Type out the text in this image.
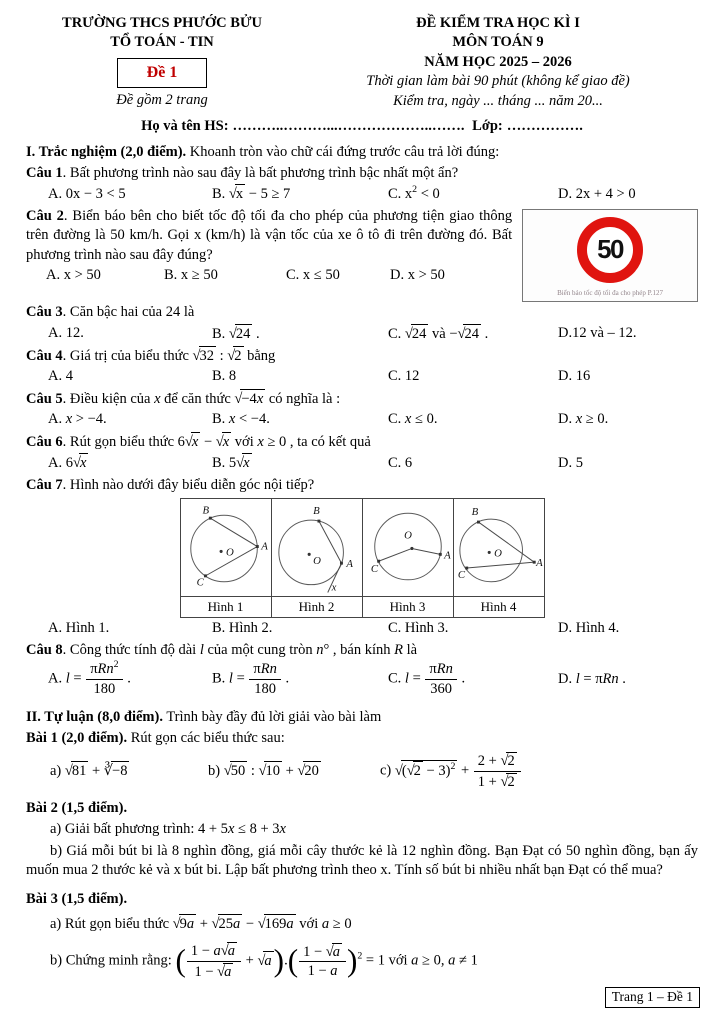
TRƯỜNG THCS PHƯỚC BỬU
TỔ TOÁN - TIN
Đề 1
Đề gồm 2 trang
ĐỀ KIỂM TRA HỌC KÌ I
MÔN TOÁN 9
NĂM HỌC 2025 – 2026
Thời gian làm bài 90 phút (không kể giao đề)
Kiểm tra, ngày ... tháng ... năm 20...
Họ và tên HS: ………..………...………………..……. Lớp: …………….

I. Trắc nghiệm (2,0 điểm). Khoanh tròn vào chữ cái đứng trước câu trả lời đúng:

Câu 1. Bất phương trình nào sau đây là bất phương trình bậc nhất một ẩn?

A. 0x − 3 < 5	B. √x − 5 ≥ 7	C. $x^2 < 0$	D. 2x + 4 > 0

Câu 2. Biển báo bên cho biết tốc độ tối đa cho phép của phương tiện giao thông trên đường là 50 km/h. Gọi x (km/h) là vận tốc của xe ô tô đi trên đường đó. Bất phương trình nào sau đây đúng?

A. x > 50	B. x ≥ 50	C. x ≤ 50	D. x > 50
50
Biển báo tốc độ tối đa cho phép P.127

Câu 3. Căn bậc hai của 24 là

A. 12.	B. √24 .	C. √24 và −√24 .	D.12 và – 12.

Câu 4. Giá trị của biểu thức √32 : √2 bằng

A. 4	B. 8	C. 12	D. 16

Câu 5. Điều kiện của x để căn thức √−4x có nghĩa là :

A. x > −4.	B. x < −4.	C. x ≤ 0.	D. x ≥ 0.

Câu 6. Rút gọn biểu thức 6√x − √x với x ≥ 0 , ta có kết quả

A. 6√x	B. 5√x	C. 6	D. 5

Câu 7. Hình nào dưới đây biểu diễn góc nội tiếp?

B
O A
C	B
O A
x	O
A
C	B
O
C
A

Hình 1	Hình 2	Hình 3	Hình 4
A. Hình 1.	B. Hình 2.	C. Hình 3.	D. Hình 4.

Câu 8. Công thức tính độ dài l của một cung tròn n° , bán kính R là

A. $l = \frac{\pi Rn^2}{180}$ .	B. $l = \frac{\text{πRn}}{180}$ .	C. $l = \frac{\text{πRn}}{360}$ .	D. l = πRn .

II. Tự luận (8,0 điểm). Trình bày đầy đủ lời giải vào bài làm

Bài 1 (2,0 điểm). Rút gọn các biểu thức sau:

a) √81 + ∛−8	b) √50 : √10 + √20	c) $√(√2 - 3)^2 + \frac{2 + √2}{1 + √2}$

Bài 2 (1,5 điểm).

a) Giải bất phương trình: 4 + 5x ≤ 8 + 3x

b) Giá mỗi bút bi là 8 nghìn đồng, giá mỗi cây thước kẻ là 12 nghìn đồng. Bạn Đạt có 50 nghìn đồng, bạn ấy muốn mua 2 thước kẻ và x bút bi. Lập bất phương trình theo x. Tính số bút bi nhiều nhất bạn Đạt có thể mua?

Bài 3 (1,5 điểm).

a) Rút gọn biểu thức √9a + √25a − √169a với a ≥ 0

b) Chứng minh rằng: ( $\frac{1 - a√a}{1 - √a} + √a).( \frac{1 - √a}{1 - a} )^2 = 1$ với a ≥ 0, a ≠ 1

Trang 1 – Đề 1
